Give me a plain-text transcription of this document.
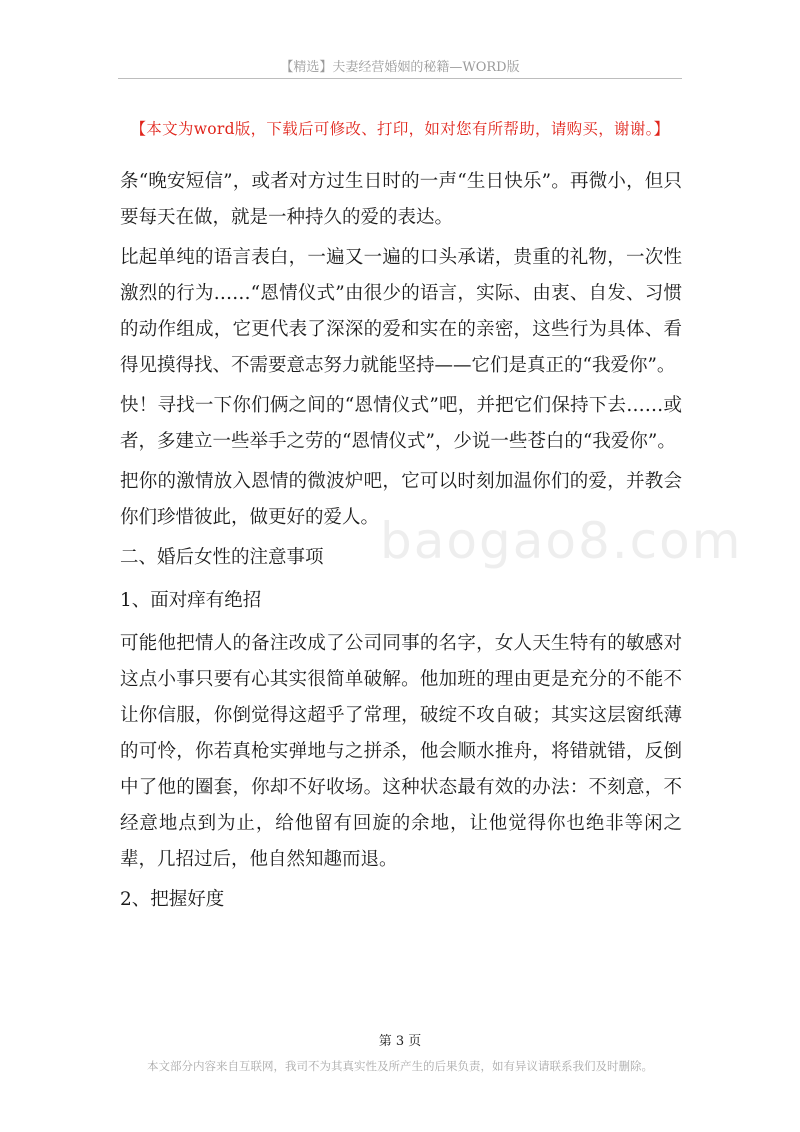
【精选】夫妻经营婚姻的秘籍—WORD版
【本文为word版，下载后可修改、打印，如对您有所帮助，请购买，谢谢。】

条“晚安短信”，或者对方过生日时的一声“生日快乐”。再微小，但只要每天在做，就是一种持久的爱的表达。

比起单纯的语言表白，一遍又一遍的口头承诺，贵重的礼物，一次性激烈的行为……“恩情仪式”由很少的语言，实际、由衷、自发、习惯的动作组成，它更代表了深深的爱和实在的亲密，这些行为具体、看得见摸得找、不需要意志努力就能坚持——它们是真正的“我爱你”。

快！寻找一下你们俩之间的“恩情仪式”吧，并把它们保持下去……或者，多建立一些举手之劳的“恩情仪式”，少说一些苍白的“我爱你”。

把你的激情放入恩情的微波炉吧，它可以时刻加温你们的爱，并教会你们珍惜彼此，做更好的爱人。

二、婚后女性的注意事项

1、面对痒有绝招

可能他把情人的备注改成了公司同事的名字，女人天生特有的敏感对这点小事只要有心其实很简单破解。他加班的理由更是充分的不能不让你信服，你倒觉得这超乎了常理，破绽不攻自破；其实这层窗纸薄的可怜，你若真枪实弹地与之拼杀，他会顺水推舟，将错就错，反倒中了他的圈套，你却不好收场。这种状态最有效的办法：不刻意，不经意地点到为止，给他留有回旋的余地，让他觉得你也绝非等闲之辈，几招过后，他自然知趣而退。

2、把握好度

baogao8.com
第 3 页
本文部分内容来自互联网，我司不为其真实性及所产生的后果负责，如有异议请联系我们及时删除。
